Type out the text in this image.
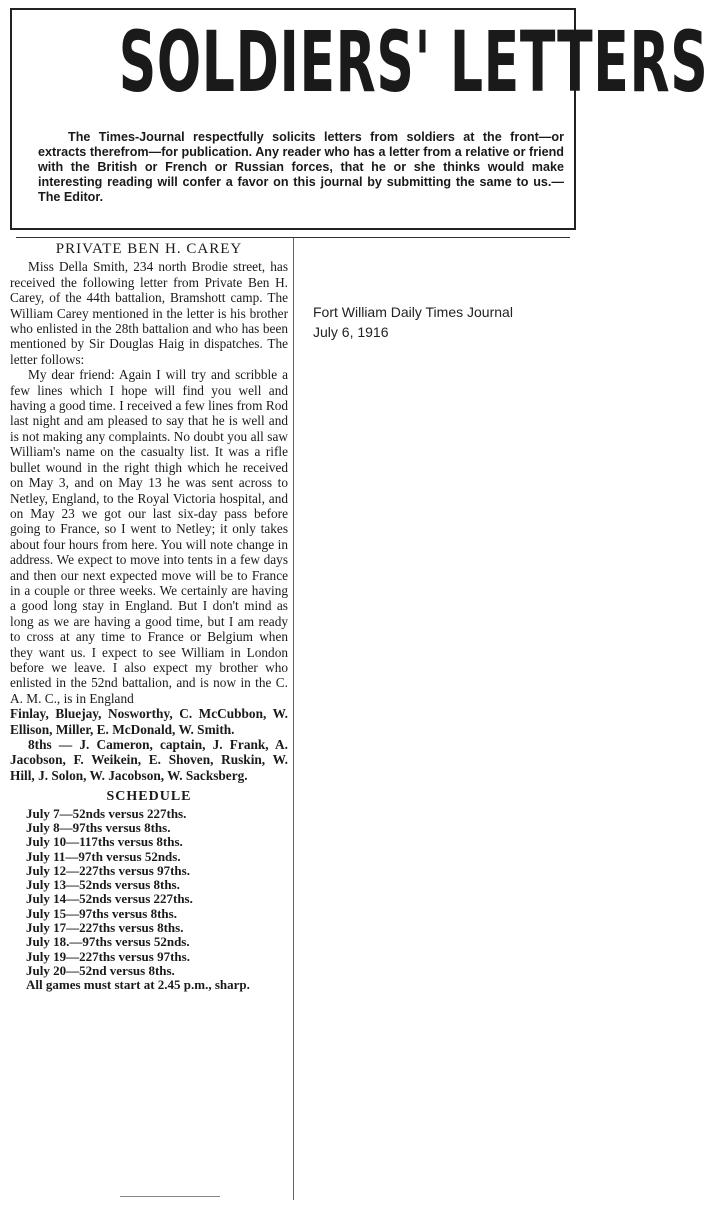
SOLDIERS' LETTERS
The Times-Journal respectfully solicits letters from soldiers at the front—or extracts therefrom—for publication. Any reader who has a letter from a relative or friend with the British or French or Russian forces, that he or she thinks would make interesting reading will confer a favor on this journal by submitting the same to us.—The Editor.
PRIVATE BEN H. CAREY

Miss Della Smith, 234 north Brodie street, has received the following letter from Private Ben H. Carey, of the 44th battalion, Bramshott camp. The William Carey mentioned in the letter is his brother who enlisted in the 28th battalion and who has been mentioned by Sir Douglas Haig in dispatches. The letter follows:

My dear friend: Again I will try and scribble a few lines which I hope will find you well and having a good time. I received a few lines from Rod last night and am pleased to say that he is well and is not making any complaints. No doubt you all saw William's name on the casualty list. It was a rifle bullet wound in the right thigh which he received on May 3, and on May 13 he was sent across to Netley, England, to the Royal Victoria hospital, and on May 23 we got our last six-day pass before going to France, so I went to Netley; it only takes about four hours from here. You will note change in address. We expect to move into tents in a few days and then our next expected move will be to France in a couple or three weeks. We certainly are having a good long stay in England. But I don't mind as long as we are having a good time, but I am ready to cross at any time to France or Belgium when they want us. I expect to see William in London before we leave. I also expect my brother who enlisted in the 52nd battalion, and is now in the C. A. M. C., is in England

Finlay, Bluejay, Nosworthy, C. McCubbon, W. Ellison, Miller, E. McDonald, W. Smith.

8ths — J. Cameron, captain, J. Frank, A. Jacobson, F. Weikein, E. Shoven, Ruskin, W. Hill, J. Solon, W. Jacobson, W. Sacksberg.

SCHEDULE
July 7—52nds versus 227ths.
July 8—97ths versus 8ths.
July 10—117ths versus 8ths.
July 11—97th versus 52nds.
July 12—227ths versus 97ths.
July 13—52nds versus 8ths.
July 14—52nds versus 227ths.
July 15—97ths versus 8ths.
July 17—227ths versus 8ths.
July 18.—97ths versus 52nds.
July 19—227ths versus 97ths.
July 20—52nd versus 8ths.
All games must start at 2.45 p.m., sharp.
Fort William Daily Times Journal
July 6, 1916
